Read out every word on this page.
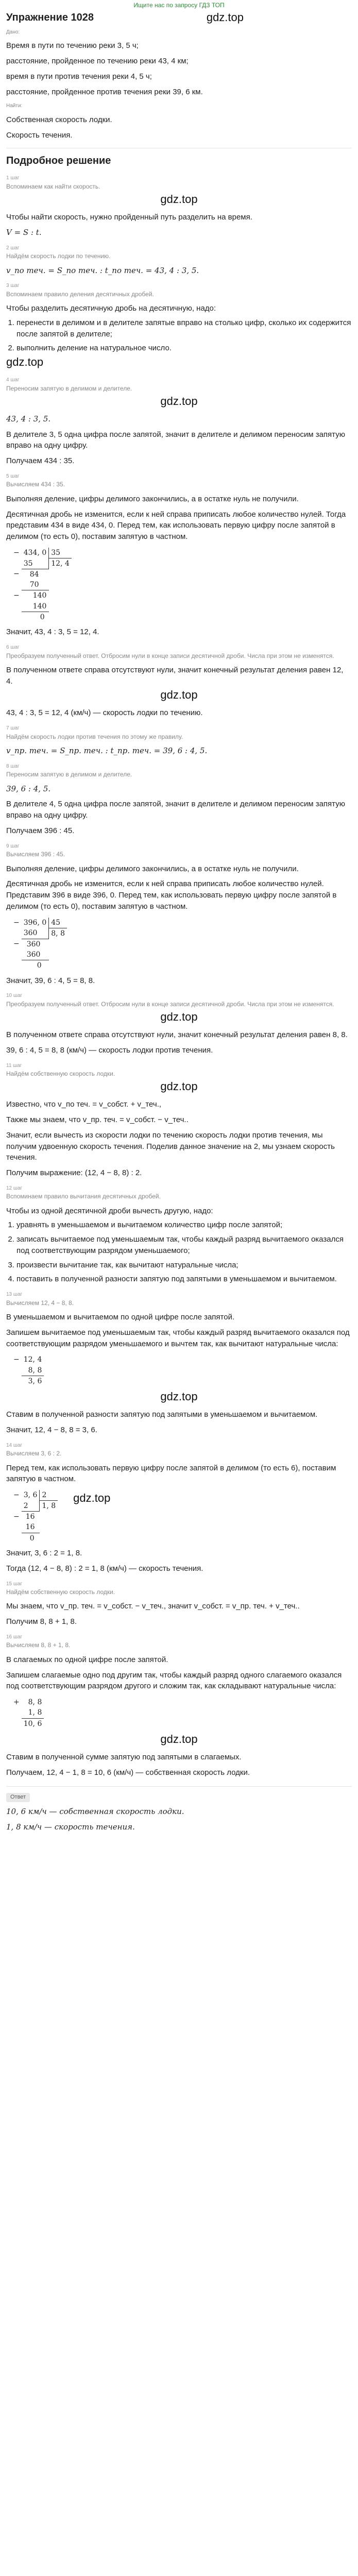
Ищите нас по запросу ГДЗ ТОП
Упражнение 1028	gdz.top
Дано:
Время в пути по течению реки 3, 5 ч;
расстояние, пройденное по течению реки 43, 4 км;
время в пути против течения реки 4, 5 ч;
расстояние, пройденное против течения реки 39, 6 км.
Найти:
Собственная скорость лодки.
Скорость течения.
Подробное решение
1 шаг
Вспоминаем как найти скорость.
gdz.top
Чтобы найти скорость, нужно пройденный путь разделить на время.
V = S : t.
2 шаг
Найдём скорость лодки по течению.
v_по теч. = S_по теч. : t_по теч. = 43, 4 : 3, 5.
3 шаг
Вспоминаем правило деления десятичных дробей.
Чтобы разделить десятичную дробь на десятичную, надо:
1. перенести в делимом и в делителе запятые вправо на столько цифр, сколько их содержится после запятой в делителе;
2. выполнить деление на натуральное число.
gdz.top
4 шаг
Переносим запятую в делимом и делителе.
gdz.top
43, 4 : 3, 5.
В делителе 3, 5 одна цифра после запятой, значит в делителе и делимом переносим запятую вправо на одну цифру.
Получаем 434 : 35.
5 шаг
Вычисляем 434 : 35.
Выполняя деление, цифры делимого закончились, а в остатке нуль не получили.
Десятичная дробь не изменится, если к ней справа приписать любое количество нулей. Тогда представим 434 в виде 434, 0. Перед тем, как использовать первую цифру после запятой в делимом (то есть 0), поставим запятую в частном.
−	434, 0	35
	35	12, 4
−	84	
	70	
−	140	
	140	
	0	
Значит, 43, 4 : 3, 5 = 12, 4.
6 шаг
Преобразуем полученный ответ. Отбросим нули в конце записи десятичной дроби. Числа при этом не изменятся.
В полученном ответе справа отсутствуют нули, значит конечный результат деления равен 12, 4.
gdz.top
43, 4 : 3, 5 = 12, 4 (км/ч) — скорость лодки по течению.
7 шаг
Найдём скорость лодки против течения по этому же правилу.
v_пр. теч. = S_пр. теч. : t_пр. теч. = 39, 6 : 4, 5.
8 шаг
Переносим запятую в делимом и делителе.
39, 6 : 4, 5.
В делителе 4, 5 одна цифра после запятой, значит в делителе и делимом переносим запятую вправо на одну цифру.
Получаем 396 : 45.
9 шаг
Вычисляем 396 : 45.
Выполняя деление, цифры делимого закончились, а в остатке нуль не получили.
Десятичная дробь не изменится, если к ней справа приписать любое количество нулей. Представим 396 в виде 396, 0. Перед тем, как использовать первую цифру после запятой в делимом (то есть 0), поставим запятую в частном.
−	396, 0	45
	360	8, 8
−	360	
	360	
	0	
Значит, 39, 6 : 4, 5 = 8, 8.
10 шаг
Преобразуем полученный ответ. Отбросим нули в конце записи десятичной дроби. Числа при этом не изменятся.
gdz.top
В полученном ответе справа отсутствуют нули, значит конечный результат деления равен 8, 8.
39, 6 : 4, 5 = 8, 8 (км/ч) — скорость лодки против течения.
11 шаг
Найдём собственную скорость лодки.
gdz.top
Известно, что v_по теч. = v_собст. + v_теч.,
Также мы знаем, что v_пр. теч. = v_собст. − v_теч..
Значит, если вычесть из скорости лодки по течению скорость лодки против течения, мы получим удвоенную скорость течения. Поделив данное значение на 2, мы узнаем скорость течения.
Получим выражение: (12, 4 − 8, 8) : 2.
12 шаг
Вспоминаем правило вычитания десятичных дробей.
Чтобы из одной десятичной дроби вычесть другую, надо:
1. уравнять в уменьшаемом и вычитаемом количество цифр после запятой;
2. записать вычитаемое под уменьшаемым так, чтобы каждый разряд вычитаемого оказался под соответствующим разрядом уменьшаемого;
3. произвести вычитание так, как вычитают натуральные числа;
4. поставить в полученной разности запятую под запятыми в уменьшаемом и вычитаемом.
13 шаг
Вычисляем 12, 4 − 8, 8.
В уменьшаемом и вычитаемом по одной цифре после запятой.
Запишем вычитаемое под уменьшаемым так, чтобы каждый разряд вычитаемого оказался под соответствующим разрядом уменьшаемого и вычтем так, как вычитают натуральные числа:
−	12, 4
	8, 8
	3, 6
gdz.top
Ставим в полученной разности запятую под запятыми в уменьшаемом и вычитаемом.
Значит, 12, 4 − 8, 8 = 3, 6.
14 шаг
Вычисляем 3, 6 : 2.
Перед тем, как использовать первую цифру после запятой в делимом (то есть 6), поставим запятую в частном.
−	3, 6	2	gdz.top
	2	1, 8	
−	16		
	16		
	0		
Значит, 3, 6 : 2 = 1, 8.
Тогда (12, 4 − 8, 8) : 2 = 1, 8 (км/ч) — скорость течения.
15 шаг
Найдём собственную скорость лодки.
Мы знаем, что v_пр. теч. = v_собст. − v_теч., значит v_собст. = v_пр. теч. + v_теч..
Получим 8, 8 + 1, 8.
16 шаг
Вычисляем 8, 8 + 1, 8.
В слагаемых по одной цифре после запятой.
Запишем слагаемые одно под другим так, чтобы каждый разряд одного слагаемого оказался под соответствующим разрядом другого и сложим так, как складывают натуральные числа:
+	8, 8
	1, 8
	10, 6
gdz.top
Ставим в полученной сумме запятую под запятыми в слагаемых.
Получаем, 12, 4 − 1, 8 = 10, 6 (км/ч) — собственная скорость лодки.
Ответ
10, 6 км/ч — собственная скорость лодки.
1, 8 км/ч — скорость течения.
